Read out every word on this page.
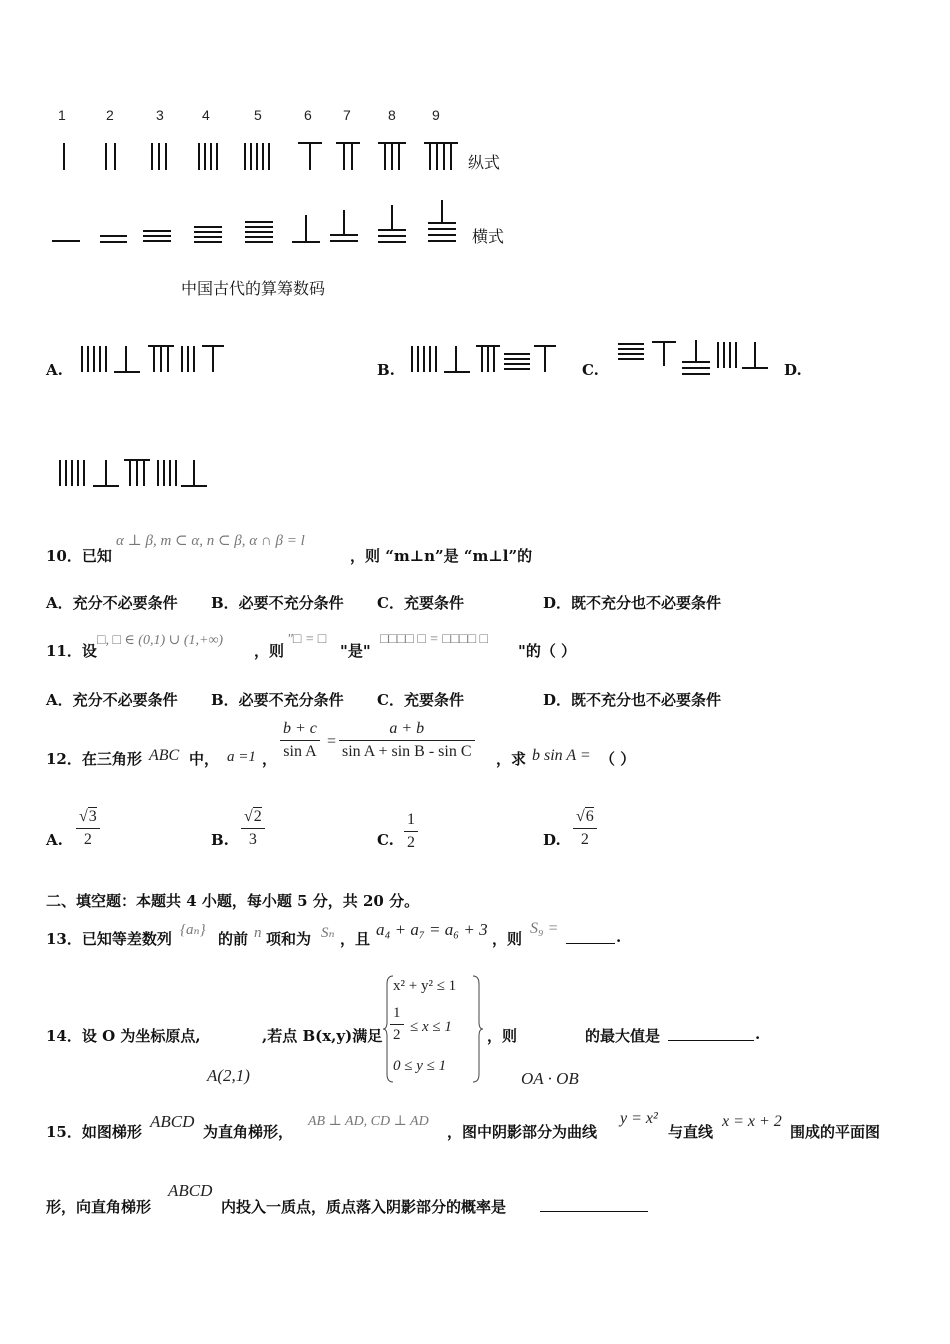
1	2	3	4	5	6 7	8	9
纵式
横式
中国古代的算筹数码
A.	B.	C.	D.
10．已知
α ⊥ β, m ⊂ α, n ⊂ β, α ∩ β = l
，则 “m⊥n”是 “m⊥l”的
A．充分不必要条件 B．必要不充分条件 C．充要条件	D．既不充分也不必要条件
11．设
□, □ ∈ (0,1) ∪ (1,+∞)
，则
"□ = □
"是"
□□□□ □ = □□□□ □
"的（ ）
A．充分不必要条件 B．必要不充分条件 C．充要条件	D．既不充分也不必要条件
12．在三角形 ABC 中， a =1 ， $\frac{b + c}{\text{sin A}} = \frac{a + b}{\text{sin A + sin B - sin C}}$ ，求 b sin A = （ ）
A. $\frac{√3}{2}$	B. $\frac{√2}{3}$	C. $\frac{1}{2}$	D. $\frac{√6}{2}$
二、填空题：本题共 4 小题，每小题 5 分，共 20 分。
13．已知等差数列 {aₙ} 的前 n 项和为 Sₙ ，且 a₄ + a₇ = a₆ + 3 ，则
S₉ =	.
14．设 O 为坐标原点,	,若点 B(x,y)满足
x² + y² ≤ 1
$\frac{1}{2} \le x \le 1$
0 ≤ y ≤ 1
，则	的最大值是	.
A(2,1)	OA · OB
15．如图梯形
ABCD
为直角梯形，
AB ⊥ AD, CD ⊥ AD
，图中阴影部分为曲线
y = x²
与直线
x = x + 2
围成的平面图
形，向直角梯形
ABCD
内投入一质点，质点落入阴影部分的概率是
